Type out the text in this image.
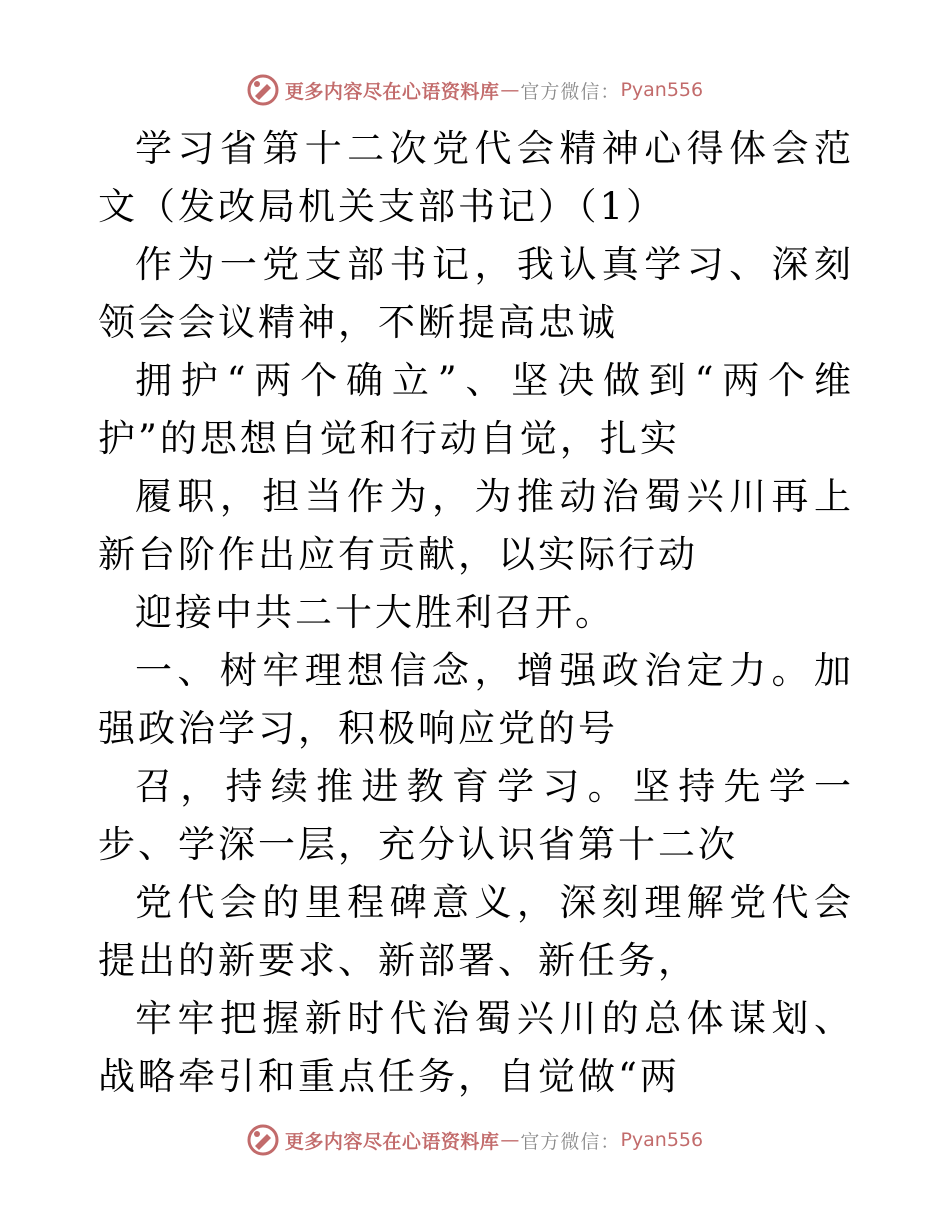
更多内容尽在心语资料库 — 官方微信： Pyan556

学习省第十二次党代会精神心得体会范文（发改局机关支部书记）（1）

作为一党支部书记，我认真学习、深刻领会会议精神，不断提高忠诚

拥护“两个确立”、坚决做到“两个维护”的思想自觉和行动自觉，扎实

履职，担当作为，为推动治蜀兴川再上新台阶作出应有贡献，以实际行动

迎接中共二十大胜利召开。

一、树牢理想信念，增强政治定力。加强政治学习，积极响应党的号

召，持续推进教育学习。坚持先学一步、学深一层，充分认识省第十二次

党代会的里程碑意义，深刻理解党代会提出的新要求、新部署、新任务，

牢牢把握新时代治蜀兴川的总体谋划、战略牵引和重点任务，自觉做“两

更多内容尽在心语资料库 — 官方微信： Pyan556
